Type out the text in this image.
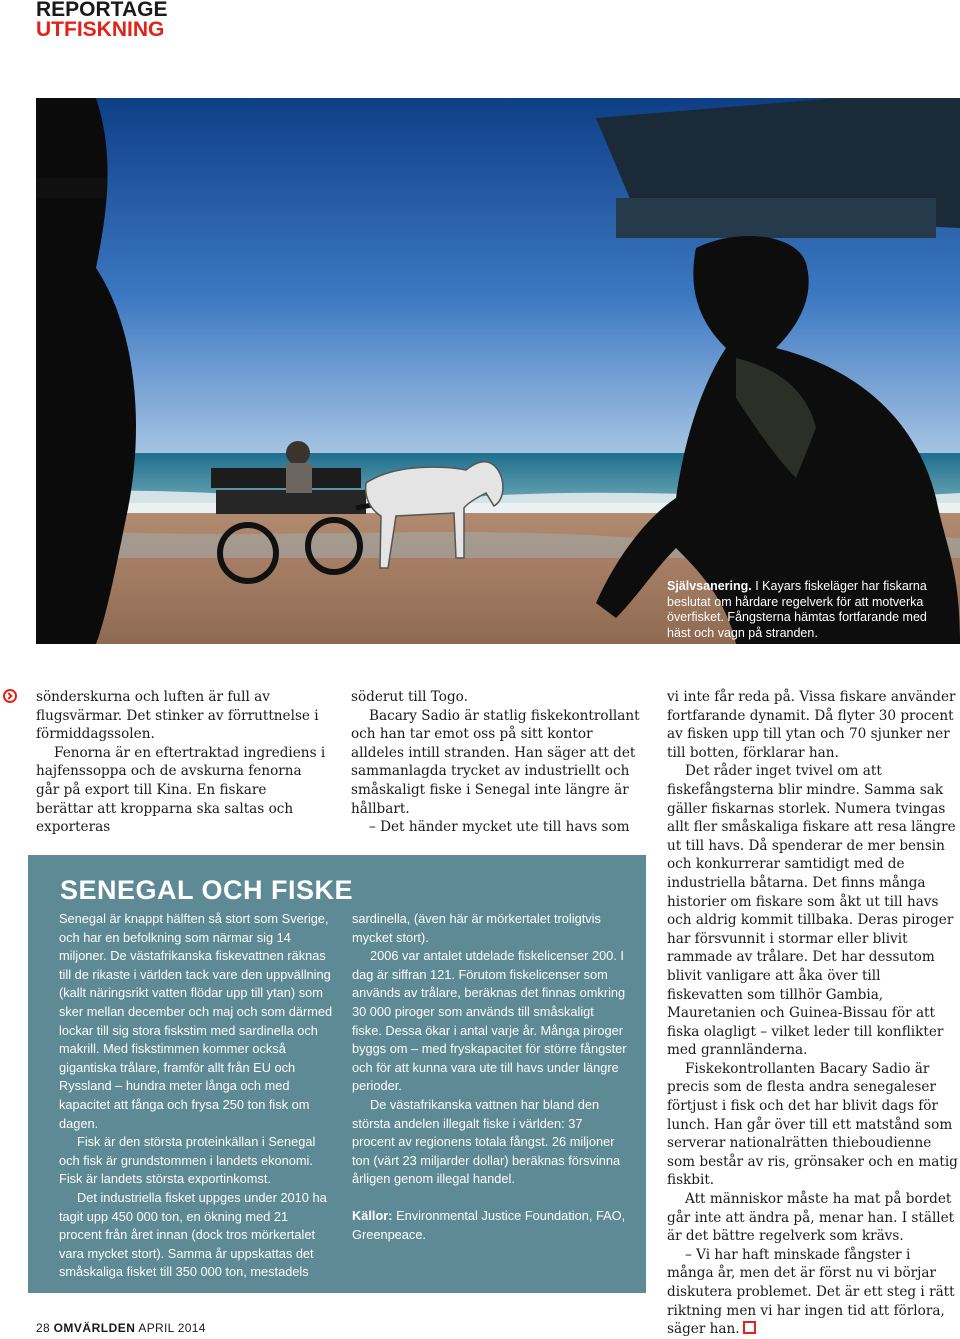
REPORTAGE
UTFISKNING
Självsanering. I Kayars fiskeläger har fiskarna beslutat om hårdare regelverk för att motverka överfisket. Fångsterna hämtas fortfarande med häst och vagn på stranden.

sönderskurna och luften är full av flugsvärmar. Det stinker av förruttnelse i förmiddagssolen.

Fenorna är en eftertraktad ingrediens i hajfenssoppa och de avskurna fenorna går på export till Kina. En fiskare berättar att kropparna ska saltas och exporteras

söderut till Togo.

Bacary Sadio är statlig fiskekontrollant och han tar emot oss på sitt kontor alldeles intill stranden. Han säger att det sammanlagda trycket av industriellt och småskaligt fiske i Senegal inte längre är hållbart.

– Det händer mycket ute till havs som

vi inte får reda på. Vissa fiskare använder fortfarande dynamit. Då flyter 30 procent av fisken upp till ytan och 70 sjunker ner till botten, förklarar han.

Det råder inget tvivel om att fiskefångsterna blir mindre. Samma sak gäller fiskarnas storlek. Numera tvingas allt fler småskaliga fiskare att resa längre ut till havs. Då spenderar de mer bensin och konkurrerar samtidigt med de industriella båtarna. Det finns många historier om fiskare som åkt ut till havs och aldrig kommit tillbaka. Deras piroger har försvunnit i stormar eller blivit rammade av trålare. Det har dessutom blivit vanligare att åka över till fiskevatten som tillhör Gambia, Mauretanien och Guinea-Bissau för att fiska olagligt – vilket leder till konflikter med grannländerna.

Fiskekontrollanten Bacary Sadio är precis som de flesta andra senegaleser förtjust i fisk och det har blivit dags för lunch. Han går över till ett matstånd som serverar nationalrätten thieboudienne som består av ris, grönsaker och en matig fiskbit.

Att människor måste ha mat på bordet går inte att ändra på, menar han. I stället är det bättre regelverk som krävs.

– Vi har haft minskade fångster i många år, men det är först nu vi börjar diskutera problemet. Det är ett steg i rätt riktning men vi har ingen tid att förlora, säger han.

SENEGAL OCH FISKE

Senegal är knappt hälften så stort som Sverige, och har en befolkning som närmar sig 14 miljoner. De västafrikanska fiskevattnen räknas till de rikaste i världen tack vare den uppvällning (kallt näringsrikt vatten flödar upp till ytan) som sker mellan december och maj och som därmed lockar till sig stora fiskstim med sardinella och makrill. Med fiskstimmen kommer också gigantiska trålare, framför allt från EU och Ryssland – hundra meter långa och med kapacitet att fånga och frysa 250 ton fisk om dagen.

Fisk är den största proteinkällan i Senegal och fisk är grundstommen i landets ekonomi. Fisk är landets största exportinkomst.

Det industriella fisket uppges under 2010 ha tagit upp 450 000 ton, en ökning med 21 procent från året innan (dock tros mörkertalet vara mycket stort). Samma år uppskattas det småskaliga fisket till 350 000 ton, mestadels

sardinella, (även här är mörkertalet troligtvis mycket stort).

2006 var antalet utdelade fiskelicenser 200. I dag är siffran 121. Förutom fiskelicenser som används av trålare, beräknas det finnas omkring 30 000 piroger som används till småskaligt fiske. Dessa ökar i antal varje år. Många piroger byggs om – med fryskapacitet för större fångster och för att kunna vara ute till havs under längre perioder.

De västafrikanska vattnen har bland den största andelen illegalt fiske i världen: 37 procent av regionens totala fångst. 26 miljoner ton (värt 23 miljarder dollar) beräknas försvinna årligen genom illegal handel.

Källor: Environmental Justice Foundation, FAO, Greenpeace.

28 OMVÄRLDEN APRIL 2014
